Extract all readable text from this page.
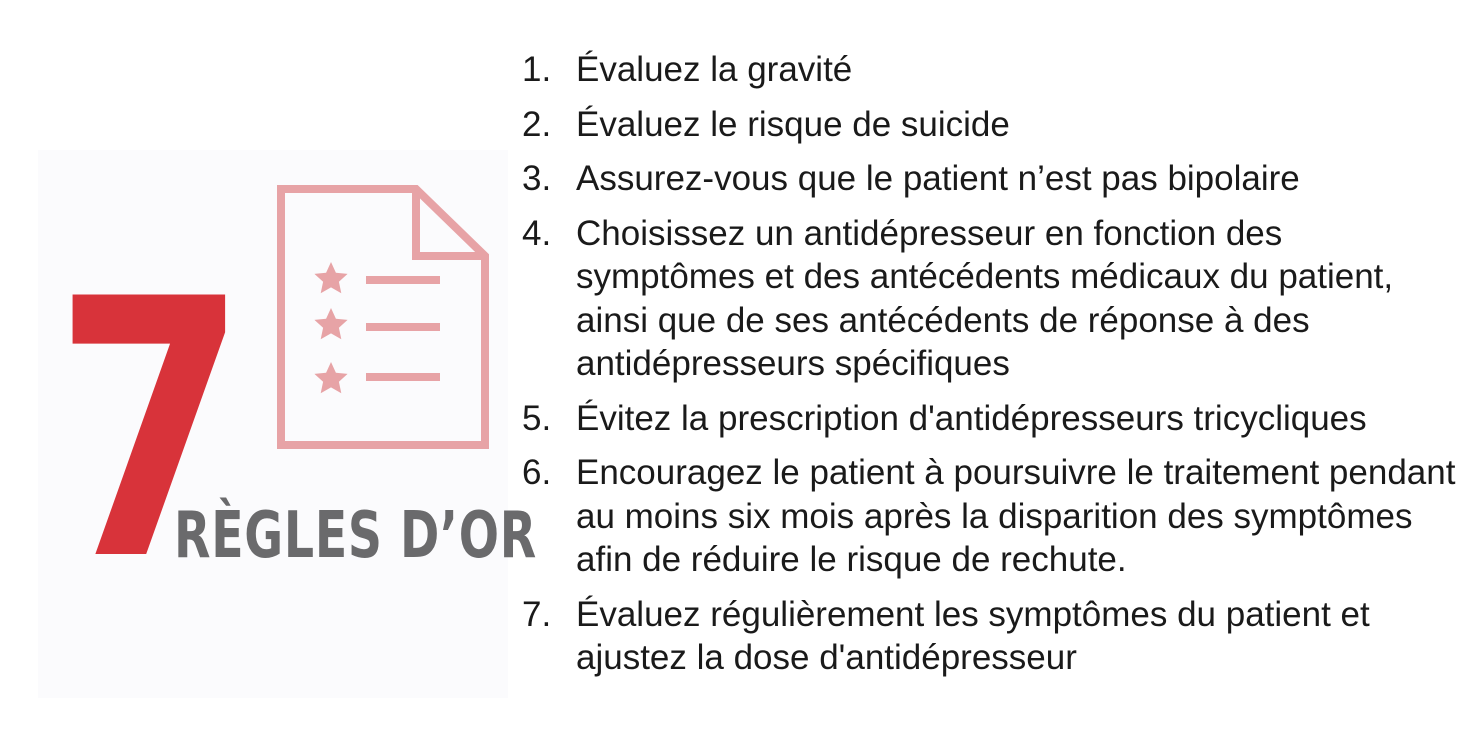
7
RÈGLES D’OR
1. Évaluez la gravité
2. Évaluez le risque de suicide
3. Assurez-vous que le patient n’est pas bipolaire
4. Choisissez un antidépresseur en fonction des symptômes et des antécédents médicaux du patient, ainsi que de ses antécédents de réponse à des antidépresseurs spécifiques
5. Évitez la prescription d'antidépresseurs tricycliques
6. Encouragez le patient à poursuivre le traitement pendant au moins six mois après la disparition des symptômes afin de réduire le risque de rechute.
7. Évaluez régulièrement les symptômes du patient et ajustez la dose d'antidépresseur
